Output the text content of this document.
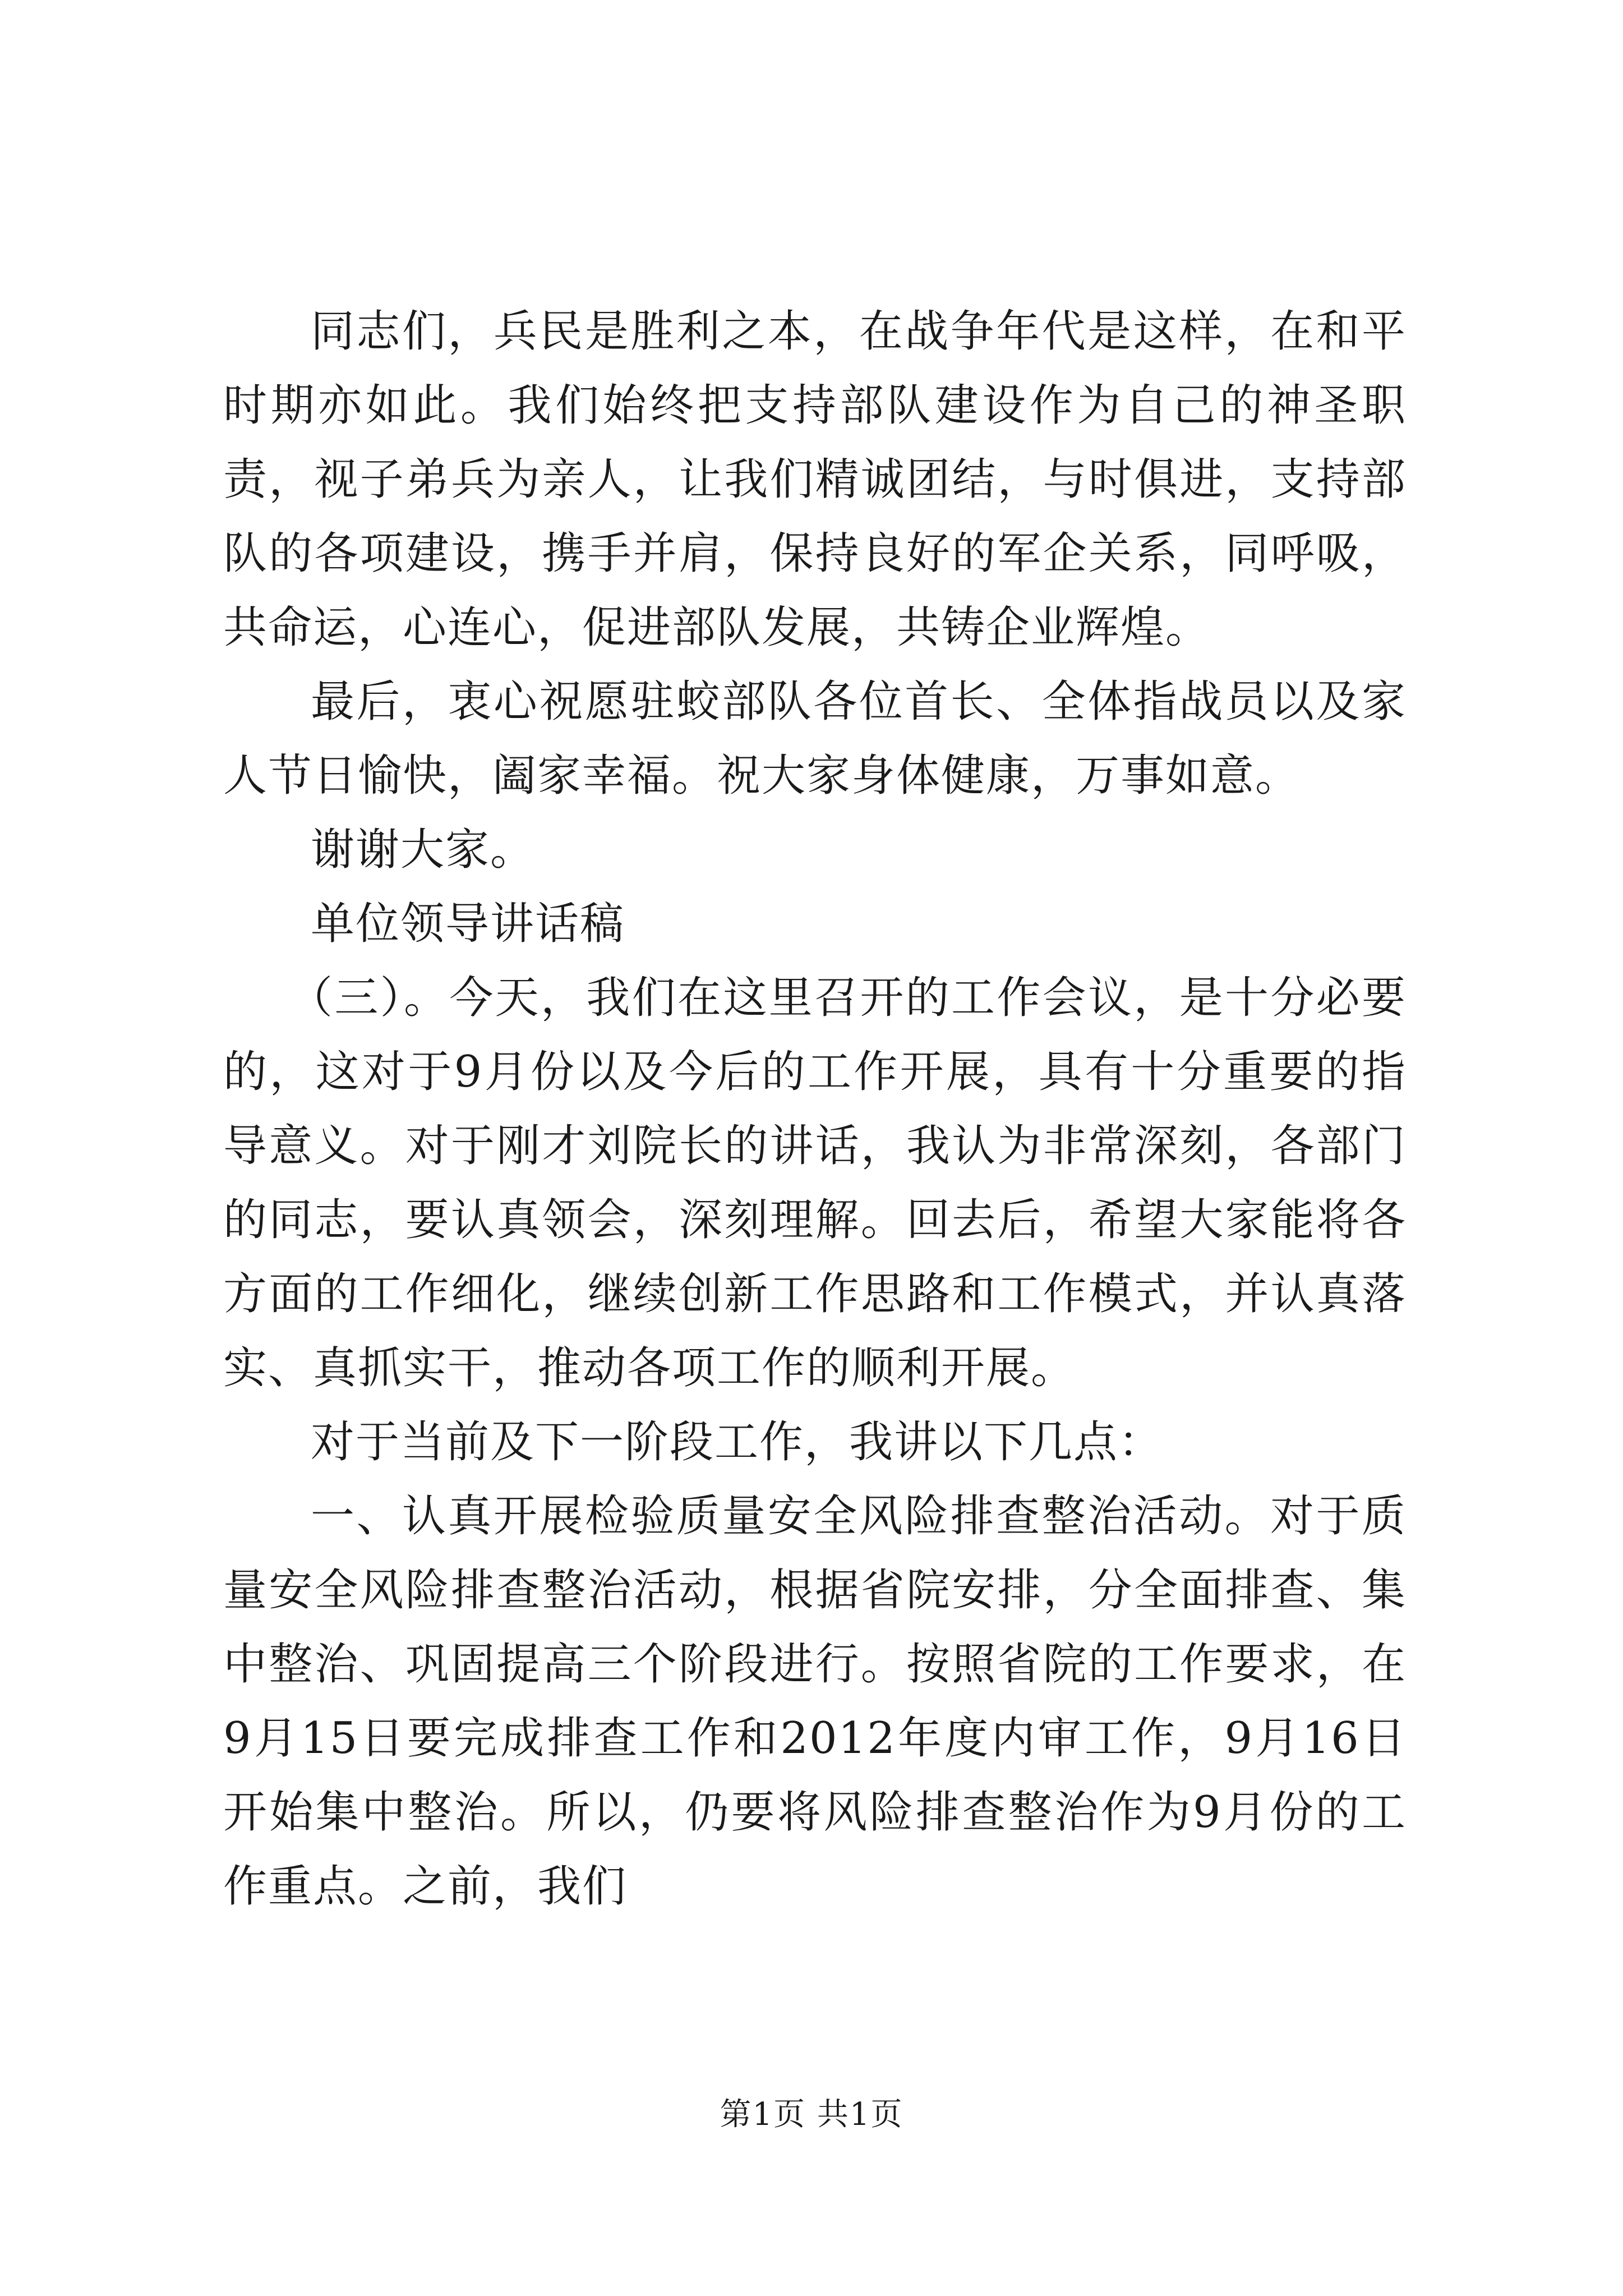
同志们，兵民是胜利之本，在战争年代是这样，在和平时期亦如此。我们始终把支持部队建设作为自己的神圣职责，视子弟兵为亲人，让我们精诚团结，与时俱进，支持部队的各项建设，携手并肩，保持良好的军企关系，同呼吸，共命运，心连心，促进部队发展，共铸企业辉煌。

最后，衷心祝愿驻蛟部队各位首长、全体指战员以及家人节日愉快，阖家幸福。祝大家身体健康，万事如意。

谢谢大家。

单位领导讲话稿

（三）。今天，我们在这里召开的工作会议，是十分必要的，这对于9月份以及今后的工作开展，具有十分重要的指导意义。对于刚才刘院长的讲话，我认为非常深刻，各部门的同志，要认真领会，深刻理解。回去后，希望大家能将各方面的工作细化，继续创新工作思路和工作模式，并认真落实、真抓实干，推动各项工作的顺利开展。

对于当前及下一阶段工作，我讲以下几点：

一、认真开展检验质量安全风险排查整治活动。对于质量安全风险排查整治活动，根据省院安排，分全面排查、集中整治、巩固提高三个阶段进行。按照省院的工作要求，在9月15日要完成排查工作和2012年度内审工作，9月16日开始集中整治。所以，仍要将风险排查整治作为9月份的工作重点。之前，我们

第1页 共1页
